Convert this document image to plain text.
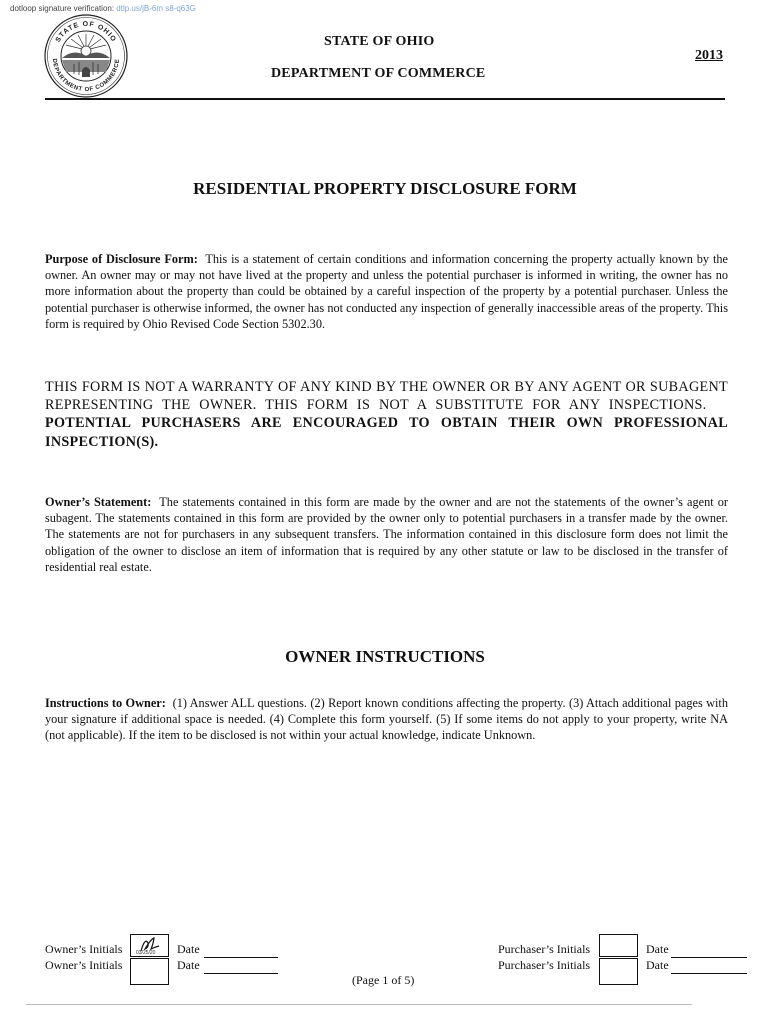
dotloop signature verification: dtlp.us/jB-6m s8-q63G
STATE OF OHIO
DEPARTMENT OF COMMERCE
STATE OF OHIO
2013
DEPARTMENT OF COMMERCE
RESIDENTIAL PROPERTY DISCLOSURE FORM
Purpose of Disclosure Form: This is a statement of certain conditions and information concerning the property actually known by the owner. An owner may or may not have lived at the property and unless the potential purchaser is informed in writing, the owner has no more information about the property than could be obtained by a careful inspection of the property by a potential purchaser. Unless the potential purchaser is otherwise informed, the owner has not conducted any inspection of generally inaccessible areas of the property. This form is required by Ohio Revised Code Section 5302.30.
THIS FORM IS NOT A WARRANTY OF ANY KIND BY THE OWNER OR BY ANY AGENT OR SUBAGENT REPRESENTING THE OWNER. THIS FORM IS NOT A SUBSTITUTE FOR ANY INSPECTIONS.    POTENTIAL PURCHASERS ARE ENCOURAGED TO OBTAIN THEIR OWN PROFESSIONAL INSPECTION(S).
Owner’s Statement: The statements contained in this form are made by the owner and are not the statements of the owner’s agent or subagent. The statements contained in this form are provided by the owner only to potential purchasers in a transfer made by the owner. The statements are not for purchasers in any subsequent transfers. The information contained in this disclosure form does not limit the obligation of the owner to disclose an item of information that is required by any other statute or law to be disclosed in the transfer of residential real estate.
OWNER INSTRUCTIONS
Instructions to Owner: (1) Answer ALL questions. (2) Report known conditions affecting the property. (3) Attach additional pages with your signature if additional space is needed. (4) Complete this form yourself. (5) If some items do not apply to your property, write NA (not applicable). If the item to be disclosed is not within your actual knowledge, indicate Unknown.
Owner’s Initials
Owner’s Initials
03/25/20 Date
Date
Purchaser’s Initials
Purchaser’s Initials
Date
Date
(Page 1 of 5)
